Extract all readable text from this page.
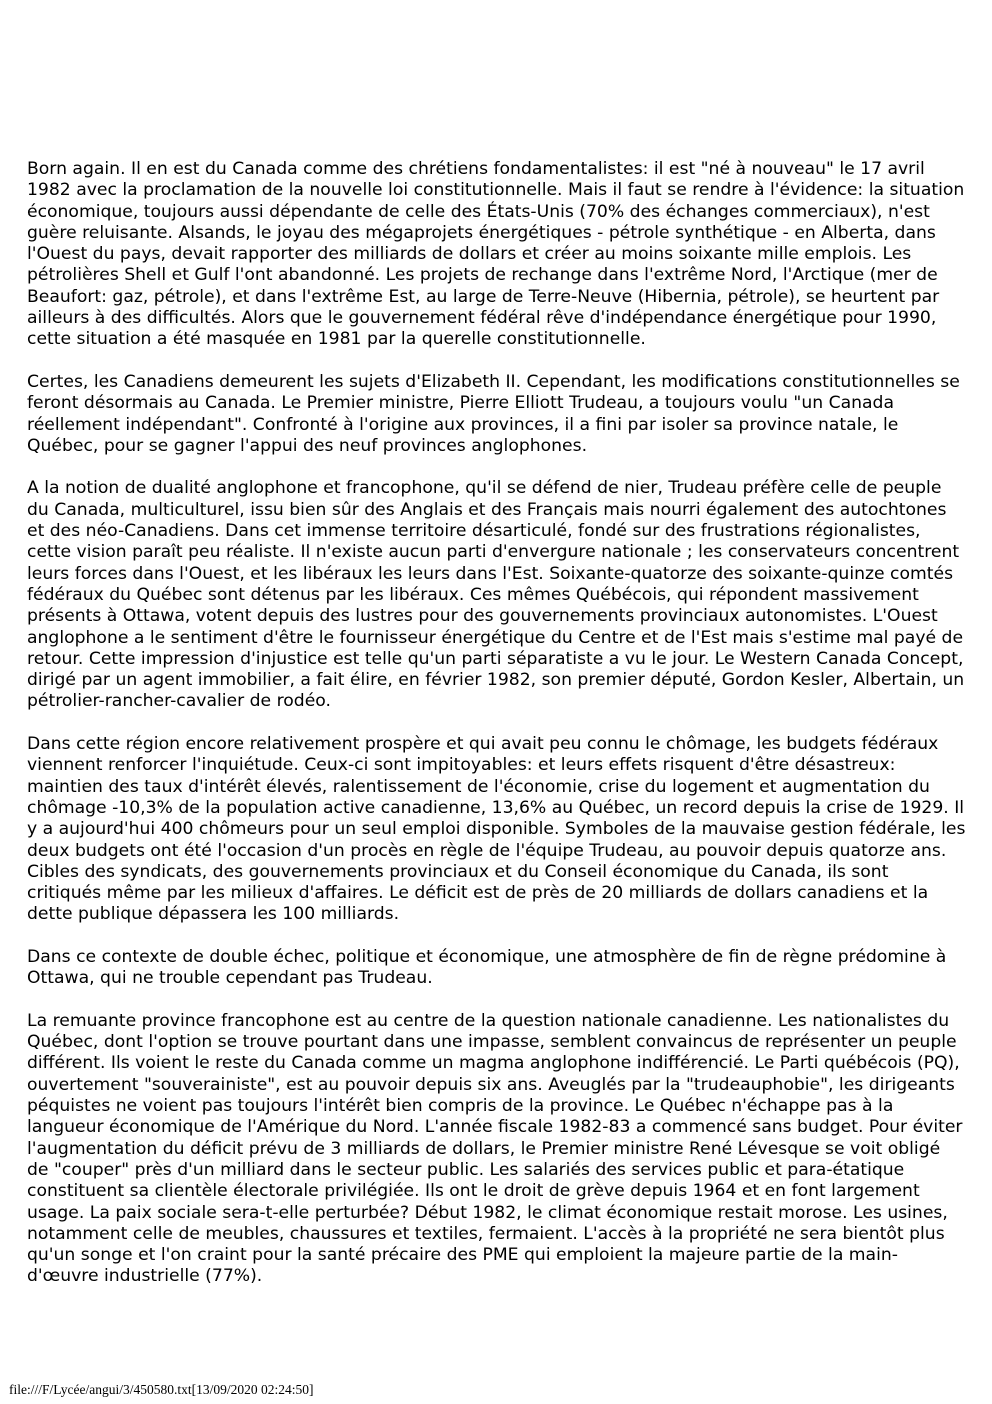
Born again. Il en est du Canada comme des chrétiens fondamentalistes: il est "né à nouveau" le 17 avril 1982 avec la proclamation de la nouvelle loi constitutionnelle. Mais il faut se rendre à l'évidence: la situation économique, toujours aussi dépendante de celle des États-Unis (70% des échanges commerciaux), n'est guère reluisante. Alsands, le joyau des mégaprojets énergétiques - pétrole synthétique - en Alberta, dans l'Ouest du pays, devait rapporter des milliards de dollars et créer au moins soixante mille emplois. Les pétrolières Shell et Gulf l'ont abandonné. Les projets de rechange dans l'extrême Nord, l'Arctique (mer de Beaufort: gaz, pétrole), et dans l'extrême Est, au large de Terre-Neuve (Hibernia, pétrole), se heurtent par ailleurs à des difficultés. Alors que le gouvernement fédéral rêve d'indépendance énergétique pour 1990, cette situation a été masquée en 1981 par la querelle constitutionnelle.

Certes, les Canadiens demeurent les sujets d'Elizabeth II. Cependant, les modifications constitutionnelles se feront désormais au Canada. Le Premier ministre, Pierre Elliott Trudeau, a toujours voulu "un Canada réellement indépendant". Confronté à l'origine aux provinces, il a fini par isoler sa province natale, le Québec, pour se gagner l'appui des neuf provinces anglophones.

A la notion de dualité anglophone et francophone, qu'il se défend de nier, Trudeau préfère celle de peuple du Canada, multiculturel, issu bien sûr des Anglais et des Français mais nourri également des autochtones et des néo-Canadiens. Dans cet immense territoire désarticulé, fondé sur des frustrations régionalistes, cette vision paraît peu réaliste. Il n'existe aucun parti d'envergure nationale ; les conservateurs concentrent leurs forces dans l'Ouest, et les libéraux les leurs dans l'Est. Soixante-quatorze des soixante-quinze comtés fédéraux du Québec sont détenus par les libéraux. Ces mêmes Québécois, qui répondent massivement présents à Ottawa, votent depuis des lustres pour des gouvernements provinciaux autonomistes. L'Ouest anglophone a le sentiment d'être le fournisseur énergétique du Centre et de l'Est mais s'estime mal payé de retour. Cette impression d'injustice est telle qu'un parti séparatiste a vu le jour. Le Western Canada Concept, dirigé par un agent immobilier, a fait élire, en février 1982, son premier député, Gordon Kesler, Albertain, un pétrolier-rancher-cavalier de rodéo.

Dans cette région encore relativement prospère et qui avait peu connu le chômage, les budgets fédéraux viennent renforcer l'inquiétude. Ceux-ci sont impitoyables: et leurs effets risquent d'être désastreux: maintien des taux d'intérêt élevés, ralentissement de l'économie, crise du logement et augmentation du chômage -10,3% de la population active canadienne, 13,6% au Québec, un record depuis la crise de 1929. Il y a aujourd'hui 400 chômeurs pour un seul emploi disponible. Symboles de la mauvaise gestion fédérale, les deux budgets ont été l'occasion d'un procès en règle de l'équipe Trudeau, au pouvoir depuis quatorze ans. Cibles des syndicats, des gouvernements provinciaux et du Conseil économique du Canada, ils sont critiqués même par les milieux d'affaires. Le déficit est de près de 20 milliards de dollars canadiens et la dette publique dépassera les 100 milliards.

Dans ce contexte de double échec, politique et économique, une atmosphère de fin de règne prédomine à Ottawa, qui ne trouble cependant pas Trudeau.

La remuante province francophone est au centre de la question nationale canadienne. Les nationalistes du Québec, dont l'option se trouve pourtant dans une impasse, semblent convaincus de représenter un peuple différent. Ils voient le reste du Canada comme un magma anglophone indifférencié. Le Parti québécois (PQ), ouvertement "souverainiste", est au pouvoir depuis six ans. Aveuglés par la "trudeauphobie", les dirigeants péquistes ne voient pas toujours l'intérêt bien compris de la province. Le Québec n'échappe pas à la langueur économique de l'Amérique du Nord. L'année fiscale 1982-83 a commencé sans budget. Pour éviter l'augmentation du déficit prévu de 3 milliards de dollars, le Premier ministre René Lévesque se voit obligé de "couper" près d'un milliard dans le secteur public. Les salariés des services public et para-étatique constituent sa clientèle électorale privilégiée. Ils ont le droit de grève depuis 1964 et en font largement usage. La paix sociale sera-t-elle perturbée? Début 1982, le climat économique restait morose. Les usines, notamment celle de meubles, chaussures et textiles, fermaient. L'accès à la propriété ne sera bientôt plus qu'un songe et l'on craint pour la santé précaire des PME qui emploient la majeure partie de la main-d'œuvre industrielle (77%).

file:///F/Lycée/angui/3/450580.txt[13/09/2020 02:24:50]
